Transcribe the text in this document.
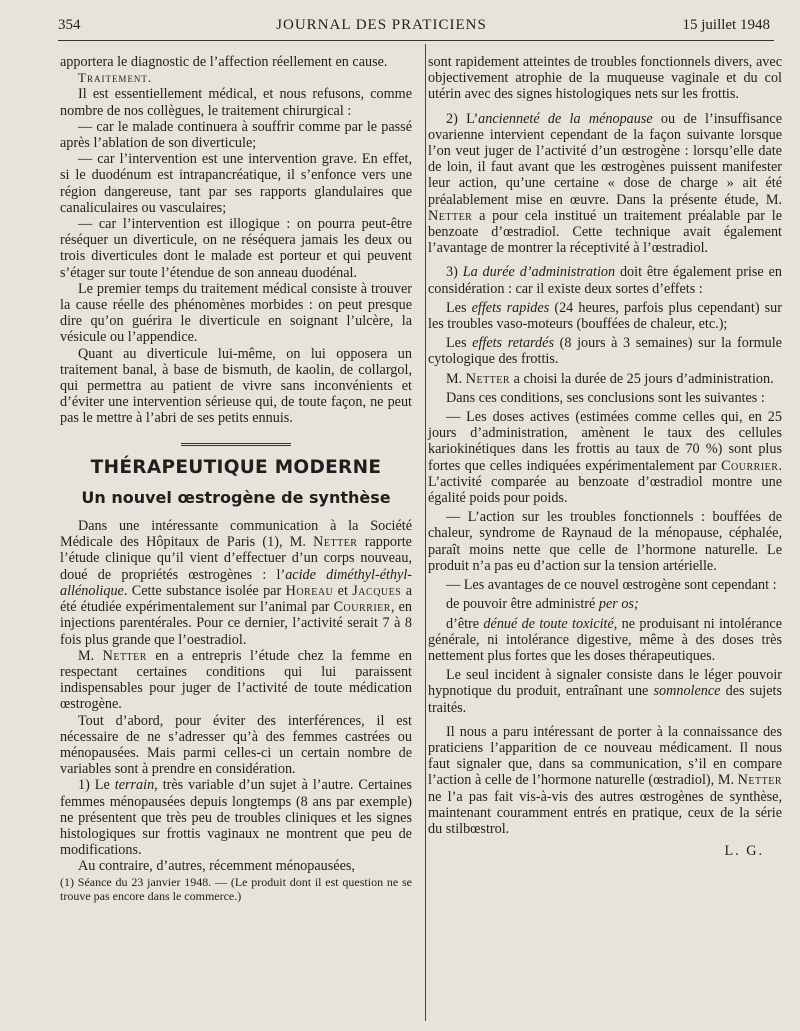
354	JOURNAL DES PRATICIENS	15 juillet 1948

apportera le diagnostic de l’affection réellement en cause.

Traitement.

Il est essentiellement médical, et nous refusons, comme nombre de nos collègues, le traitement chirurgical :

— car le malade continuera à souffrir comme par le passé après l’ablation de son diverticule;

— car l’intervention est une intervention grave. En effet, si le duodénum est intrapancréatique, il s’enfonce vers une région dangereuse, tant par ses rapports glandulaires que canaliculaires ou vasculaires;

— car l’intervention est illogique : on pourra peut-être réséquer un diverticule, on ne réséquera jamais les deux ou trois diverticules dont le malade est porteur et qui peuvent s’étager sur toute l’étendue de son anneau duodénal.

Le premier temps du traitement médical consiste à trouver la cause réelle des phénomènes morbides : on peut presque dire qu’on guérira le diverticule en soignant l’ulcère, la vésicule ou l’appendice.

Quant au diverticule lui-même, on lui opposera un traitement banal, à base de bismuth, de kaolin, de collargol, qui permettra au patient de vivre sans inconvénients et d’éviter une intervention sérieuse qui, de toute façon, ne peut pas le mettre à l’abri de ses petits ennuis.

THÉRAPEUTIQUE MODERNE
Un nouvel œstrogène de synthèse

Dans une intéressante communication à la Société Médicale des Hôpitaux de Paris (1), M. Netter rapporte l’étude clinique qu’il vient d’effectuer d’un corps nouveau, doué de propriétés œstrogènes : l’acide diméthyl-éthyl-allénolique. Cette substance isolée par Horeau et Jacques a été étudiée expérimentalement sur l’animal par Courrier, en injections parentérales. Pour ce dernier, l’activité serait 7 à 8 fois plus grande que l’oestradiol.

M. Netter en a entrepris l’étude chez la femme en respectant certaines conditions qui lui paraissent indispensables pour juger de l’activité de toute médication œstrogène.

Tout d’abord, pour éviter des interférences, il est nécessaire de ne s’adresser qu’à des femmes castrées ou ménopausées. Mais parmi celles-ci un certain nombre de variables sont à prendre en considération.

1) Le terrain, très variable d’un sujet à l’autre. Certaines femmes ménopausées depuis longtemps (8 ans par exemple) ne présentent que très peu de troubles cliniques et les signes histologiques sur frottis vaginaux ne montrent que peu de modifications.

Au contraire, d’autres, récemment ménopausées,

(1) Séance du 23 janvier 1948. — (Le produit dont il est question ne se trouve pas encore dans le commerce.)

sont rapidement atteintes de troubles fonctionnels divers, avec objectivement atrophie de la muqueuse vaginale et du col utérin avec des signes histologiques nets sur les frottis.

2) L’ancienneté de la ménopause ou de l’insuffisance ovarienne intervient cependant de la façon suivante lorsque l’on veut juger de l’activité d’un œstrogène : lorsqu’elle date de loin, il faut avant que les œstrogènes puissent manifester leur action, qu’une certaine « dose de charge » ait été préalablement mise en œuvre. Dans la présente étude, M. Netter a pour cela institué un traitement préalable par le benzoate d’œstradiol. Cette technique avait également l’avantage de montrer la réceptivité à l’œstradiol.

3) La durée d’administration doit être également prise en considération : car il existe deux sortes d’effets :

Les effets rapides (24 heures, parfois plus cependant) sur les troubles vaso-moteurs (bouffées de chaleur, etc.);

Les effets retardés (8 jours à 3 semaines) sur la formule cytologique des frottis.

M. Netter a choisi la durée de 25 jours d’administration.

Dans ces conditions, ses conclusions sont les suivantes :

— Les doses actives (estimées comme celles qui, en 25 jours d’administration, amènent le taux des cellules kariokinétiques dans les frottis au taux de 70 %) sont plus fortes que celles indiquées expérimentalement par Courrier. L’activité comparée au benzoate d’œstradiol montre une égalité poids pour poids.

— L’action sur les troubles fonctionnels : bouffées de chaleur, syndrome de Raynaud de la ménopause, céphalée, paraît moins nette que celle de l’hormone naturelle. Le produit n’a pas eu d’action sur la tension artérielle.

— Les avantages de ce nouvel œstrogène sont cependant :

de pouvoir être administré per os;

d’être dénué de toute toxicité, ne produisant ni intolérance générale, ni intolérance digestive, même à des doses très nettement plus fortes que les doses thérapeutiques.

Le seul incident à signaler consiste dans le léger pouvoir hypnotique du produit, entraînant une somnolence des sujets traités.

Il nous a paru intéressant de porter à la connaissance des praticiens l’apparition de ce nouveau médicament. Il nous faut signaler que, dans sa communication, s’il en compare l’action à celle de l’hormone naturelle (œstradiol), M. Netter ne l’a pas fait vis-à-vis des autres œstrogènes de synthèse, maintenant couramment entrés en pratique, ceux de la série du stilbœstrol.

L. G.
